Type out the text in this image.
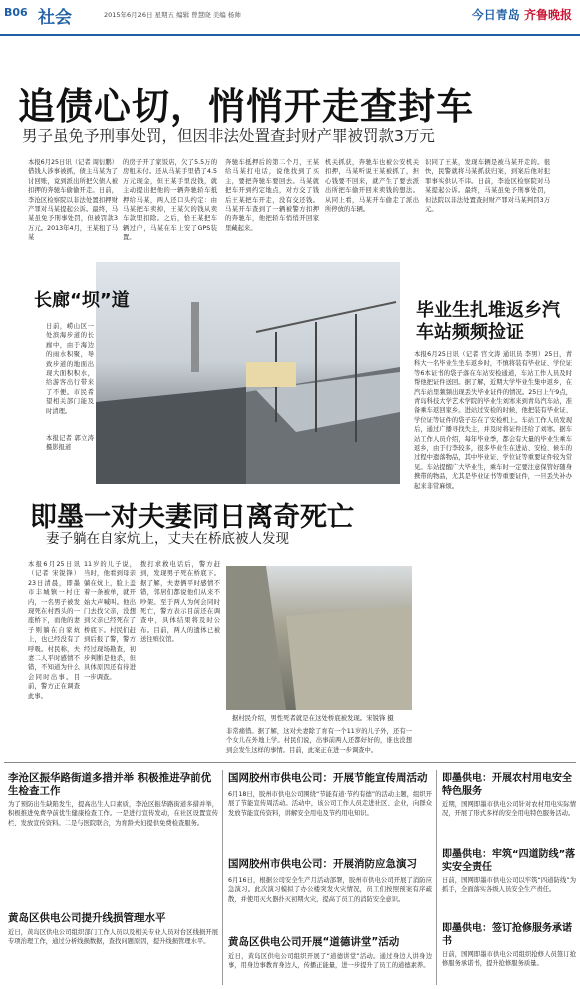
B06 社会	2015年6月26日 星期五 编辑 曾慧晓 美编 杨帅	今日青岛 齐鲁晚报
追债心切，悄悄开走查封车
男子虽免予刑事处罚，但因非法处置查封财产罪被罚款3万元
本报6月25日讯（记者 周衍鹏）借钱人涉事被抓，债主马某为了讨回账，竟到派出所把欠债人被扣押的奔驰车偷偷开走。日前，李沧区检察院以非法处置扣押财产罪对马某提起公诉。最终，马某虽免予刑事处罚，但被罚款3万元。2013年4月，王某租了马某
的房子开了家饭店，欠了5.5万的房租未付。还从马某手里借了4.5万元现金，但王某手里没钱，就主动提出把他的一辆奔驰轿车抵押给马某，两人还口头约定：由马某把车卖掉，王某欠的钱从卖车款里扣除。之后，恰王某把车辆过户，马某在车上安了GPS装置。
奔驰车抵押后的第二个月，王某给马某打电话，说他找到了买主，要把奔驰车要回去。马某就把车开到约定地点，对方交了钱后王某把车开走，没有交还钱。马某开车查到了一辆被警方扣押的奔驰车，他把轿车悄悄开回家里藏起来。
机关抓获，奔驰车也被公安机关扣押，马某听说王某被抓了，担心钱要不回来，就产生了要去派出所把车偷开回来卖钱的想法。从同上看，马某开车偷走了派出所停放的车辆。
识同了王某，发现车辆是被马某开走的。很快，民警就将马某抓获归案，到案后他对犯罪事实供认不讳。日前，李沧区检察院对马某提起公诉。最终，马某虽免予刑事处罚，但法院以非法处置查封财产罪对马某判罚3万元。
长廊“坝”道
日前，崂山区一处滨海步道的长廊中，由于海边的雨水积聚，导致步道的地面出现大面积积水，给游客出行带来了不便。市民希望相关部门能及时清理。
本报记者 郭立涛 摄影报道
毕业生扎堆返乡汽车站频频捡证
本报6月25日讯（记者 官文涛 通讯员 李男）25日，青科大一名毕业生坐车返乡时，不慎将装有毕业证、学位证等6本证书的袋子落在车站安检通道，车站工作人员及时帮他把证件送回。据了解，近期大学毕业生集中返乡，在汽车站里频频出现丢失毕业证件的情况。25日上午9点，青岛科技大学艺术学院的毕业生刘寒来到青岛汽车站，准备乘车返回家乡。进站过安检的时候，他把装有毕业证、学位证等证件的袋子忘在了安检机上。车站工作人员发现后，通过广播寻找失主，并及时将证件还给了刘寒。据车站工作人员介绍，每年毕业季，都会有大量的毕业生乘车返乡，由于行李较多，很多毕业生在进站、安检、候车的过程中遗落物品，其中毕业证、学位证等重要证件较为常见。车站提醒广大毕业生，乘车时一定要注意保管好随身携带的物品，尤其是毕业证书等重要证件，一旦丢失补办起来非常麻烦。
即墨一对夫妻同日离奇死亡
妻子躺在自家炕上，丈夫在桥底被人发现
本报6月25日讯（记者 宋锐锋）23日清晨，即墨市丰城镇一村庄内，一名男子被发现死在村西头的一座桥下，而他的妻子则躺在自家炕上，也已经没有了呼吸。村民称，夫妻二人平时感情不错，不知道为什么会同时出事。目前，警方正在调查此事。
11岁的儿子说，当时，他看到母亲躺在炕上，脸上盖着一条被单，就开始大声喊叫。他出门去找父亲，没想到父亲已经死在了桥底下。村民们赶到后报了警，警方经过现场勘查，初步判断是他杀，但具体原因还有待进一步调查。
拨打求救电话后，警方赶到，发现男子死在桥底下。据了解，夫妻俩平时感情不错，邻居们都说他们从来不吵架。至于两人为何会同时死亡，警方表示目前还在调查中，具体结果将及时公布。目前，两人的遗体已被送往殡仪馆。
据村民介绍，男性死者就是在这处桥底被发现。宋锐锋 摄
非常痛惜。据了解，这对夫妻除了育有一个11岁的儿子外，还有一个女儿在外地上学。村民们说，出事前两人还都好好的，谁也没想到会发生这样的事情。目前，此案正在进一步调查中。
李沧区振华路街道多措并举 积极推进孕前优生检查工作
为了预防出生缺陷发生，提高出生人口素质，李沧区振华路街道多措并举，积极推进免费孕前优生健康检查工作。一是进行宣传发动，在社区设置宣传栏、发放宣传资料。二是与医院联合，为育龄夫妇提供免费检查服务。
黄岛区供电公司提升线损管理水平
近日，黄岛区供电公司组织部门工作人员以及相关专业人员对台区线损开展专项治理工作，通过分析线损数据，查找问题原因，提升线损管理水平。
国网胶州市供电公司：开展节能宣传周活动
6月18日，胶州市供电公司围绕“节能有道·节约有德”的活动主题，组织开展了节能宣传周活动。活动中，该公司工作人员走进社区、企业，向群众发放节能宣传资料，讲解安全用电及节约用电知识。
国网胶州市供电公司：开展消防应急演习
6月16日，根据公司安全生产月活动部署，胶州市供电公司开展了消防应急演习。此次演习模拟了办公楼突发火灾情况，员工们按照预案有序疏散，并使用灭火器扑灭初期火灾，提高了员工的消防安全意识。
黄岛区供电公司开展“道德讲堂”活动
近日，黄岛区供电公司组织开展了“道德讲堂”活动。通过身边人讲身边事，用身边事教育身边人，传播正能量，进一步提升了员工的道德素养。
即墨供电：开展农村用电安全特色服务
近期，国网即墨市供电公司针对农村用电实际情况，开展了形式多样的安全用电特色服务活动。
即墨供电：牢筑“四道防线”落实安全责任
日前，国网即墨市供电公司以牢筑“四道防线”为抓手，全面落实各级人员安全生产责任。
即墨供电：签订抢修服务承诺书
日前，国网即墨市供电公司组织抢修人员签订抢修服务承诺书，提升抢修服务质量。
